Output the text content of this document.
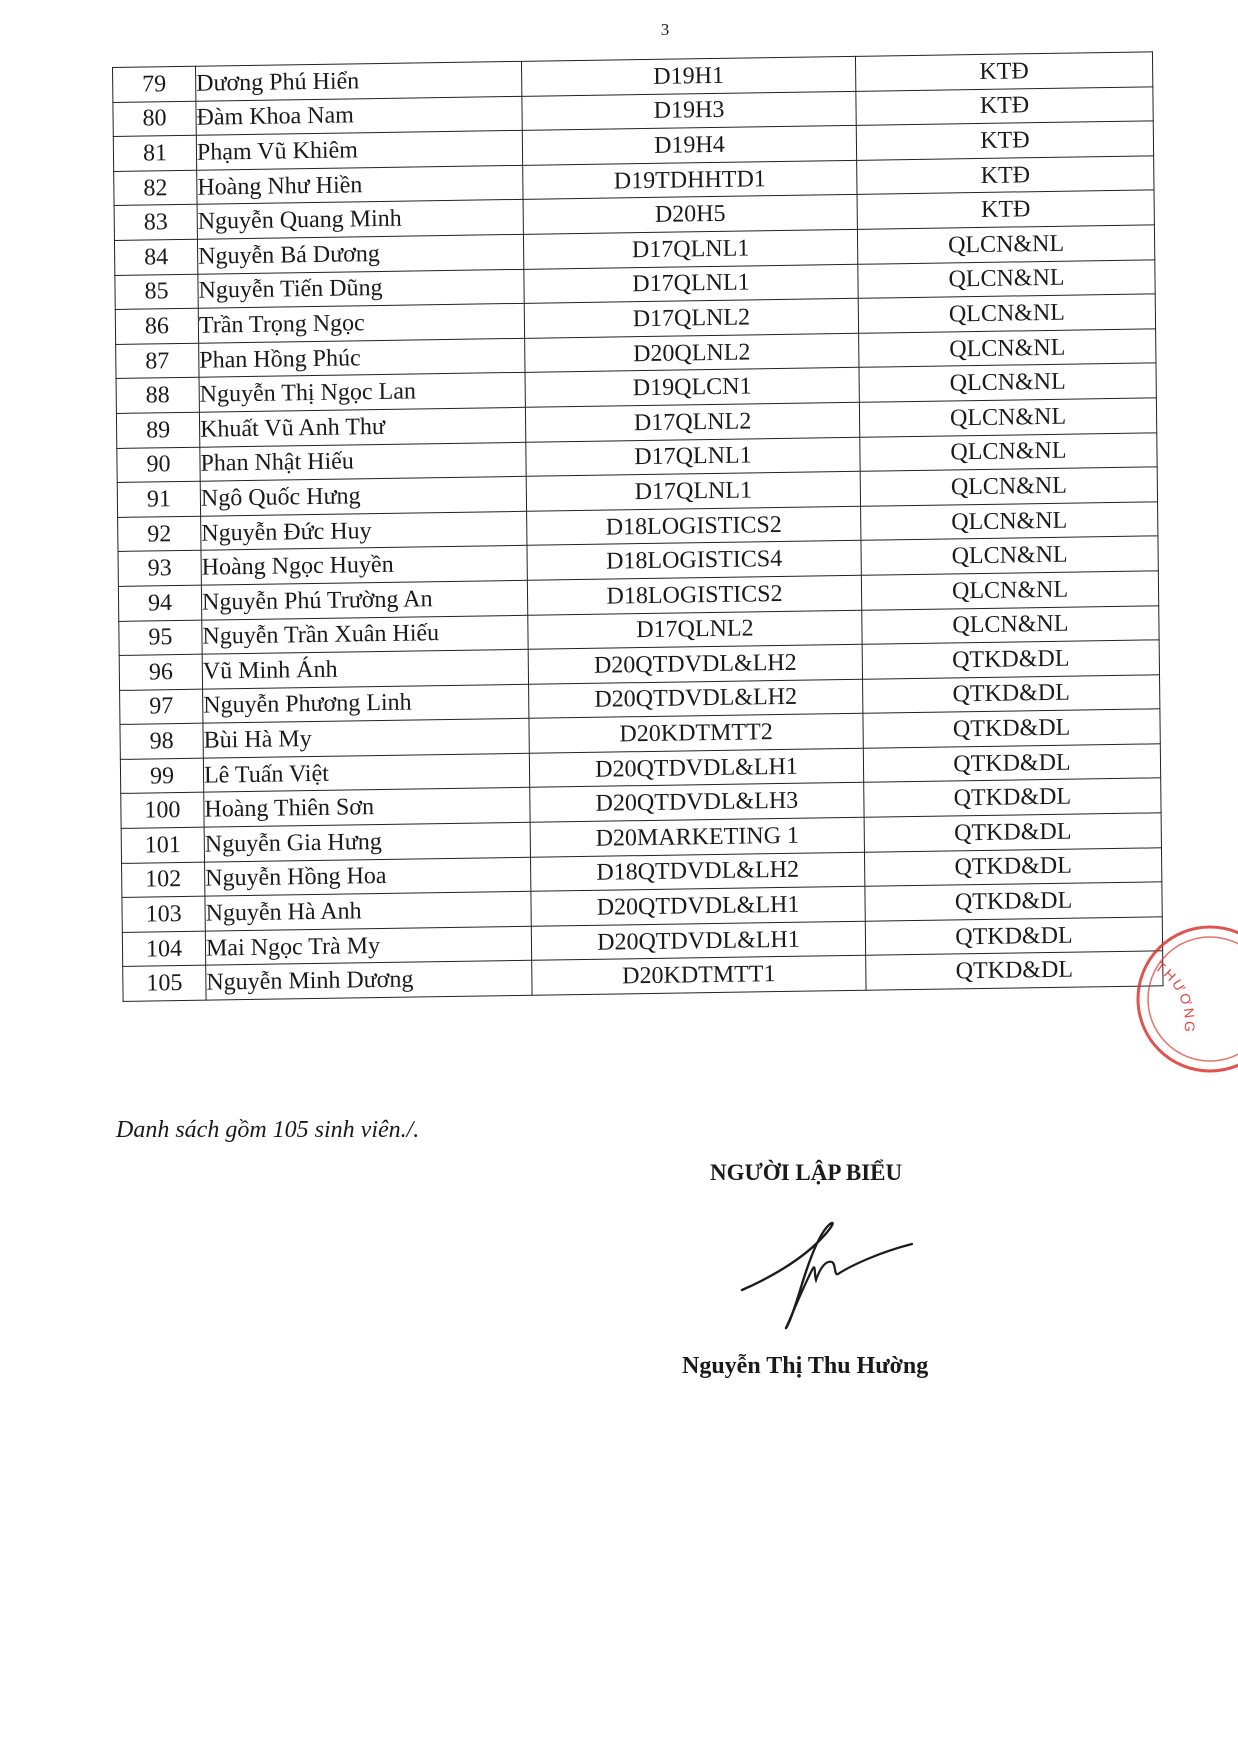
3
79	Dương Phú Hiển	D19H1	KTĐ
80	Đàm Khoa Nam	D19H3	KTĐ
81	Phạm Vũ Khiêm	D19H4	KTĐ
82	Hoàng Như Hiền	D19TDHHTD1	KTĐ
83	Nguyễn Quang Minh	D20H5	KTĐ
84	Nguyễn Bá Dương	D17QLNL1	QLCN&NL
85	Nguyễn Tiến Dũng	D17QLNL1	QLCN&NL
86	Trần Trọng Ngọc	D17QLNL2	QLCN&NL
87	Phan Hồng Phúc	D20QLNL2	QLCN&NL
88	Nguyễn Thị Ngọc Lan	D19QLCN1	QLCN&NL
89	Khuất Vũ Anh Thư	D17QLNL2	QLCN&NL
90	Phan Nhật Hiếu	D17QLNL1	QLCN&NL
91	Ngô Quốc Hưng	D17QLNL1	QLCN&NL
92	Nguyễn Đức Huy	D18LOGISTICS2	QLCN&NL
93	Hoàng Ngọc Huyền	D18LOGISTICS4	QLCN&NL
94	Nguyễn Phú Trường An	D18LOGISTICS2	QLCN&NL
95	Nguyễn Trần Xuân Hiếu	D17QLNL2	QLCN&NL
96	Vũ Minh Ánh	D20QTDVDL&LH2	QTKD&DL
97	Nguyễn Phương Linh	D20QTDVDL&LH2	QTKD&DL
98	Bùi Hà My	D20KDTMTT2	QTKD&DL
99	Lê Tuấn Việt	D20QTDVDL&LH1	QTKD&DL
100	Hoàng Thiên Sơn	D20QTDVDL&LH3	QTKD&DL
101	Nguyễn Gia Hưng	D20MARKETING 1	QTKD&DL
102	Nguyễn Hồng Hoa	D18QTDVDL&LH2	QTKD&DL
103	Nguyễn Hà Anh	D20QTDVDL&LH1	QTKD&DL
104	Mai Ngọc Trà My	D20QTDVDL&LH1	QTKD&DL
105	Nguyễn Minh Dương	D20KDTMTT1	QTKD&DL
Danh sách gồm 105 sinh viên./.
NGƯỜI LẬP BIỂU
Nguyễn Thị Thu Hường
THƯƠNG
